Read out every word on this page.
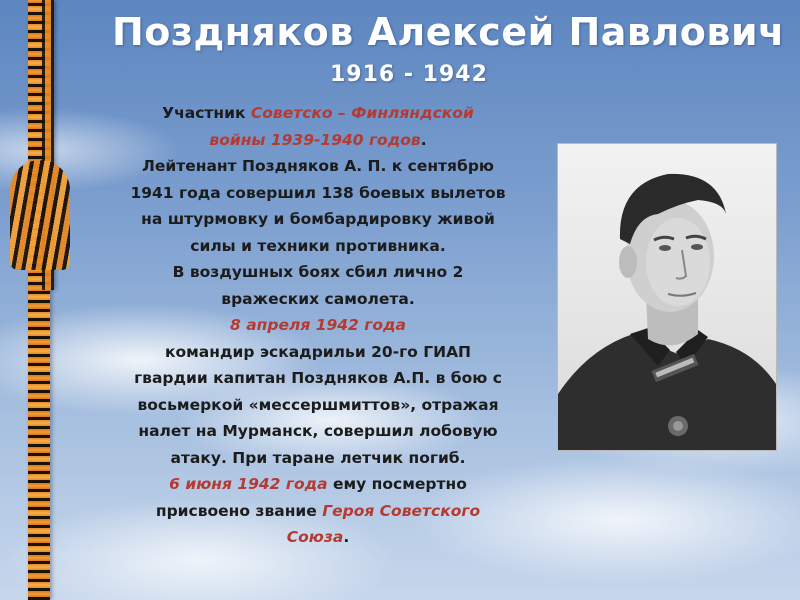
Поздняков Алексей Павлович
1916 - 1942
Участник Советско – Финляндской
войны 1939-1940 годов.
Лейтенант Поздняков А. П. к сентябрю
1941 года совершил 138 боевых вылетов
на штурмовку и бомбардировку живой
силы и техники противника.
В воздушных боях сбил лично 2
вражеских самолета.
8 апреля 1942 года
командир эскадрильи 20-го ГИАП
гвардии капитан Поздняков А.П. в бою с
восьмеркой «мессершмиттов», отражая
налет на Мурманск, совершил лобовую
атаку. При таране летчик погиб.
6 июня 1942 года ему посмертно
присвоено звание Героя Советского
Союза.
